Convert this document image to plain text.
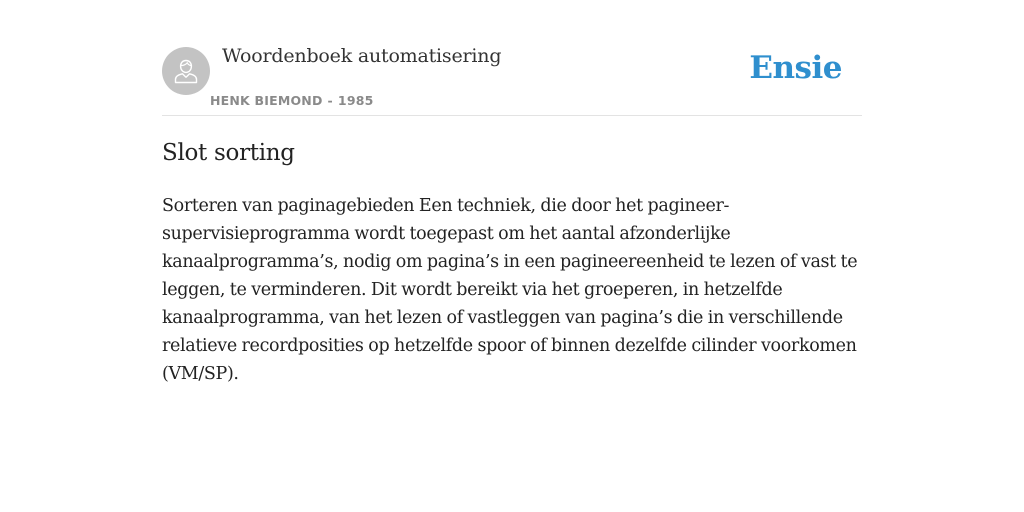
Woordenboek automatisering
HENK BIEMOND - 1985
Ensie
Slot sorting

Sorteren van paginagebieden Een techniek, die door het pagineer-supervisieprogramma wordt toegepast om het aantal afzonderlijke kanaalprogramma’s, nodig om pagina’s in een pagineereenheid te lezen of vast te leggen, te verminderen. Dit wordt bereikt via het groeperen, in hetzelfde kanaalprogramma, van het lezen of vastleggen van pagina’s die in verschillende relatieve recordposities op hetzelfde spoor of binnen dezelfde cilinder voorkomen (VM/SP).
